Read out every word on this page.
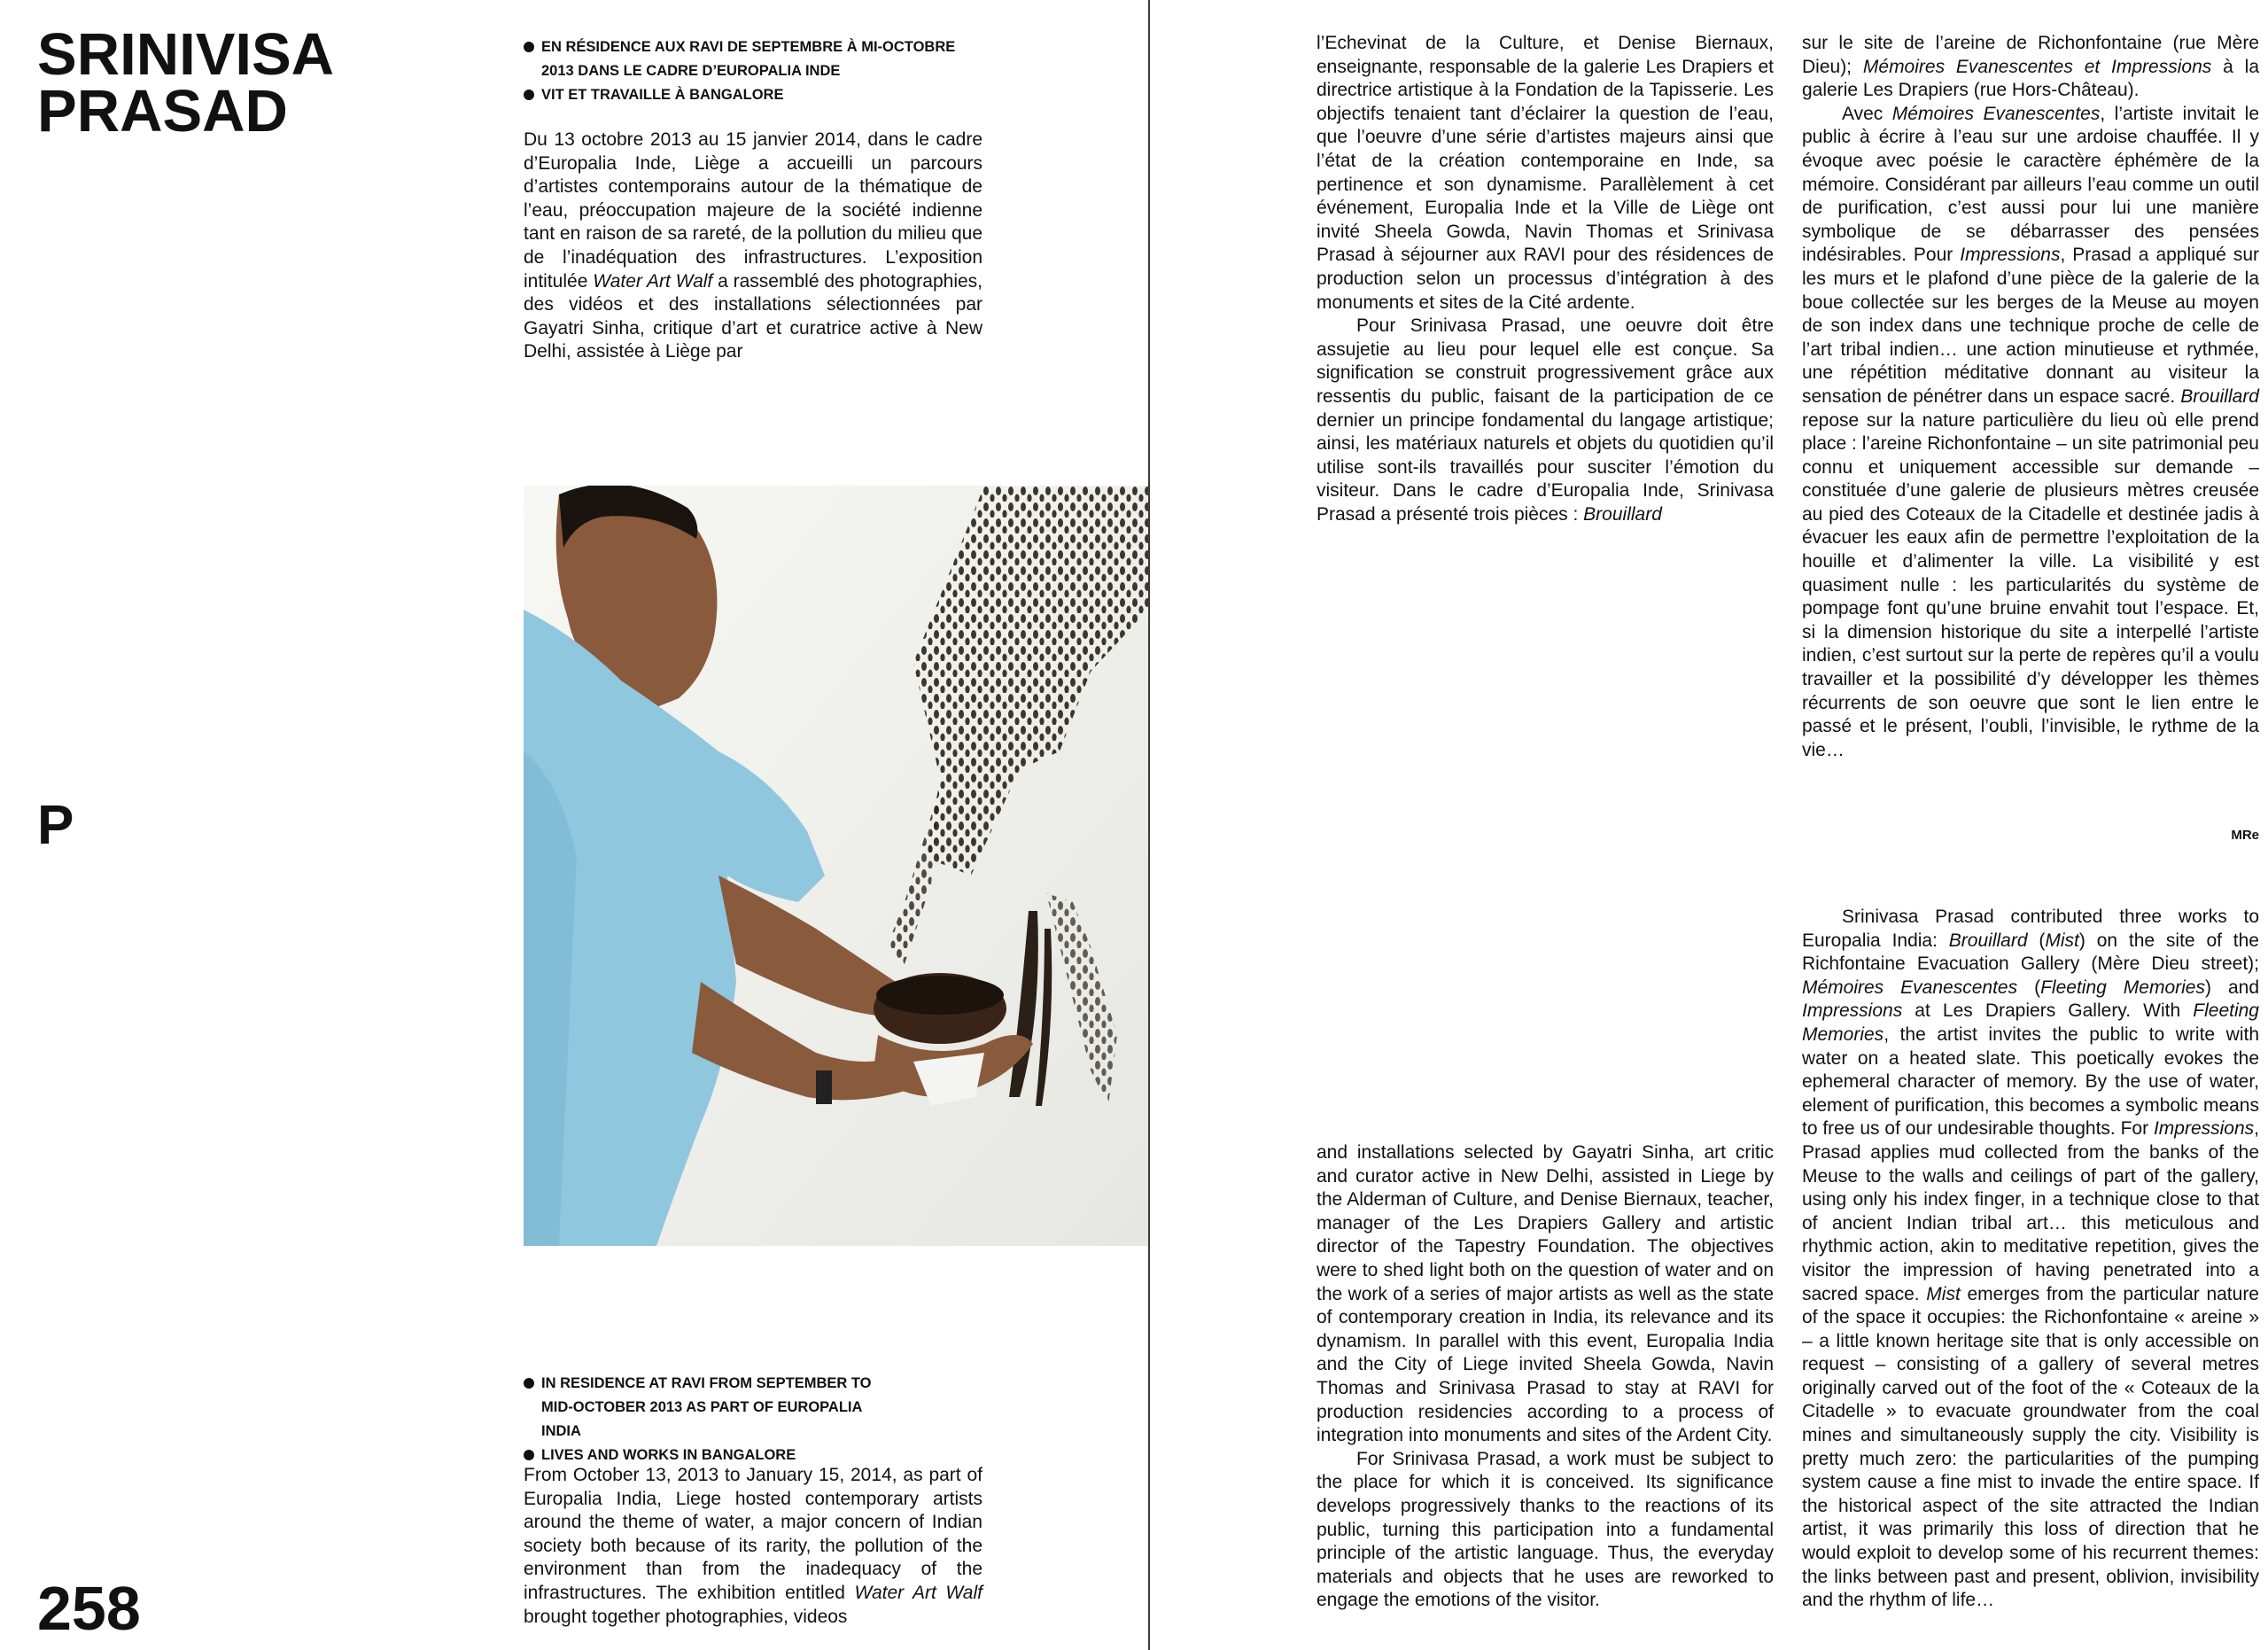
SRINIVISA
PRASAD
P
258
EN RÉSIDENCE AUX RAVI DE SEPTEMBRE À MI-OCTOBRE 2013 DANS LE CADRE D’EUROPALIA INDE
VIT ET TRAVAILLE À BANGALORE

Du 13 octobre 2013 au 15 janvier 2014, dans le cadre d’Europalia Inde, Liège a accueilli un parcours d’artistes contemporains autour de la thématique de l’eau, préoccupation majeure de la société indienne tant en raison de sa rareté, de la pollution du milieu que de l’inadéquation des infrastructures. L’exposition intitulée Water Art Walf a rassemblé des photographies, des vidéos et des installations sélectionnées par Gayatri Sinha, critique d’art et curatrice active à New Delhi, assistée à Liège par

IN RESIDENCE AT RAVI FROM SEPTEMBER TO MID-OCTOBER 2013 AS PART OF EUROPALIA INDIA
LIVES AND WORKS IN BANGALORE

From October 13, 2013 to January 15, 2014, as part of Europalia India, Liege hosted contemporary artists around the theme of water, a major concern of Indian society both because of its rarity, the pollution of the environment than from the inadequacy of the infrastructures. The exhibition entitled Water Art Walf brought together photographies, videos

l’Echevinat de la Culture, et Denise Biernaux, enseignante, responsable de la galerie Les Drapiers et directrice artistique à la Fondation de la Tapisserie. Les objectifs tenaient tant d’éclairer la question de l’eau, que l’oeuvre d’une série d’artistes majeurs ainsi que l’état de la création contemporaine en Inde, sa pertinence et son dynamisme. Parallèlement à cet événement, Europalia Inde et la Ville de Liège ont invité Sheela Gowda, Navin Thomas et Srinivasa Prasad à séjourner aux RAVI pour des résidences de production selon un processus d’intégration à des monuments et sites de la Cité ardente.

Pour Srinivasa Prasad, une oeuvre doit être assujetie au lieu pour lequel elle est conçue. Sa signification se construit progressivement grâce aux ressentis du public, faisant de la participation de ce dernier un principe fondamental du langage artistique; ainsi, les matériaux naturels et objets du quotidien qu’il utilise sont-ils travaillés pour susciter l’émotion du visiteur. Dans le cadre d’Europalia Inde, Srinivasa Prasad a présenté trois pièces : Brouillard

and installations selected by Gayatri Sinha, art critic and curator active in New Delhi, assisted in Liege by the Alderman of Culture, and Denise Biernaux, teacher, manager of the Les Drapiers Gallery and artistic director of the Tapestry Foundation. The objectives were to shed light both on the question of water and on the work of a series of major artists as well as the state of contemporary creation in India, its relevance and its dynamism. In parallel with this event, Europalia India and the City of Liege invited Sheela Gowda, Navin Thomas and Srinivasa Prasad to stay at RAVI for production residencies according to a process of integration into monuments and sites of the Ardent City.

For Srinivasa Prasad, a work must be subject to the place for which it is conceived. Its significance develops progressively thanks to the reactions of its public, turning this participation into a fundamental principle of the artistic language. Thus, the everyday materials and objects that he uses are reworked to engage the emotions of the visitor.

sur le site de l’areine de Richonfontaine (rue Mère Dieu); Mémoires Evanescentes et Impressions à la galerie Les Drapiers (rue Hors-Château).

Avec Mémoires Evanescentes, l’artiste invitait le public à écrire à l’eau sur une ardoise chauffée. Il y évoque avec poésie le caractère éphémère de la mémoire. Considérant par ailleurs l’eau comme un outil de purification, c’est aussi pour lui une manière symbolique de se débarrasser des pensées indésirables. Pour Impressions, Prasad a appliqué sur les murs et le plafond d’une pièce de la galerie de la boue collectée sur les berges de la Meuse au moyen de son index dans une technique proche de celle de l’art tribal indien… une action minutieuse et rythmée, une répétition méditative donnant au visiteur la sensation de pénétrer dans un espace sacré. Brouillard repose sur la nature particulière du lieu où elle prend place : l’areine Richonfontaine – un site patrimonial peu connu et uniquement accessible sur demande – constituée d’une galerie de plusieurs mètres creusée au pied des Coteaux de la Citadelle et destinée jadis à évacuer les eaux afin de permettre l’exploitation de la houille et d’alimenter la ville. La visibilité y est quasiment nulle : les particularités du système de pompage font qu’une bruine envahit tout l’espace. Et, si la dimension historique du site a interpellé l’artiste indien, c’est surtout sur la perte de repères qu’il a voulu travailler et la possibilité d’y développer les thèmes récurrents de son oeuvre que sont le lien entre le passé et le présent, l’oubli, l’invisible, le rythme de la vie…

MRe

Srinivasa Prasad contributed three works to Europalia India: Brouillard (Mist) on the site of the Richfontaine Evacuation Gallery (Mère Dieu street); Mémoires Evanescentes (Fleeting Memories) and Impressions at Les Drapiers Gallery. With Fleeting Memories, the artist invites the public to write with water on a heated slate. This poetically evokes the ephemeral character of memory. By the use of water, element of purification, this becomes a symbolic means to free us of our undesirable thoughts. For Impressions, Prasad applies mud collected from the banks of the Meuse to the walls and ceilings of part of the gallery, using only his index finger, in a technique close to that of ancient Indian tribal art… this meticulous and rhythmic action, akin to meditative repetition, gives the visitor the impression of having penetrated into a sacred space. Mist emerges from the particular nature of the space it occupies: the Richonfontaine « areine » – a little known heritage site that is only accessible on request – consisting of a gallery of several metres originally carved out of the foot of the « Coteaux de la Citadelle » to evacuate groundwater from the coal mines and simultaneously supply the city. Visibility is pretty much zero: the particularities of the pumping system cause a fine mist to invade the entire space. If the historical aspect of the site attracted the Indian artist, it was primarily this loss of direction that he would exploit to develop some of his recurrent themes: the links between past and present, oblivion, invisibility and the rhythm of life…
